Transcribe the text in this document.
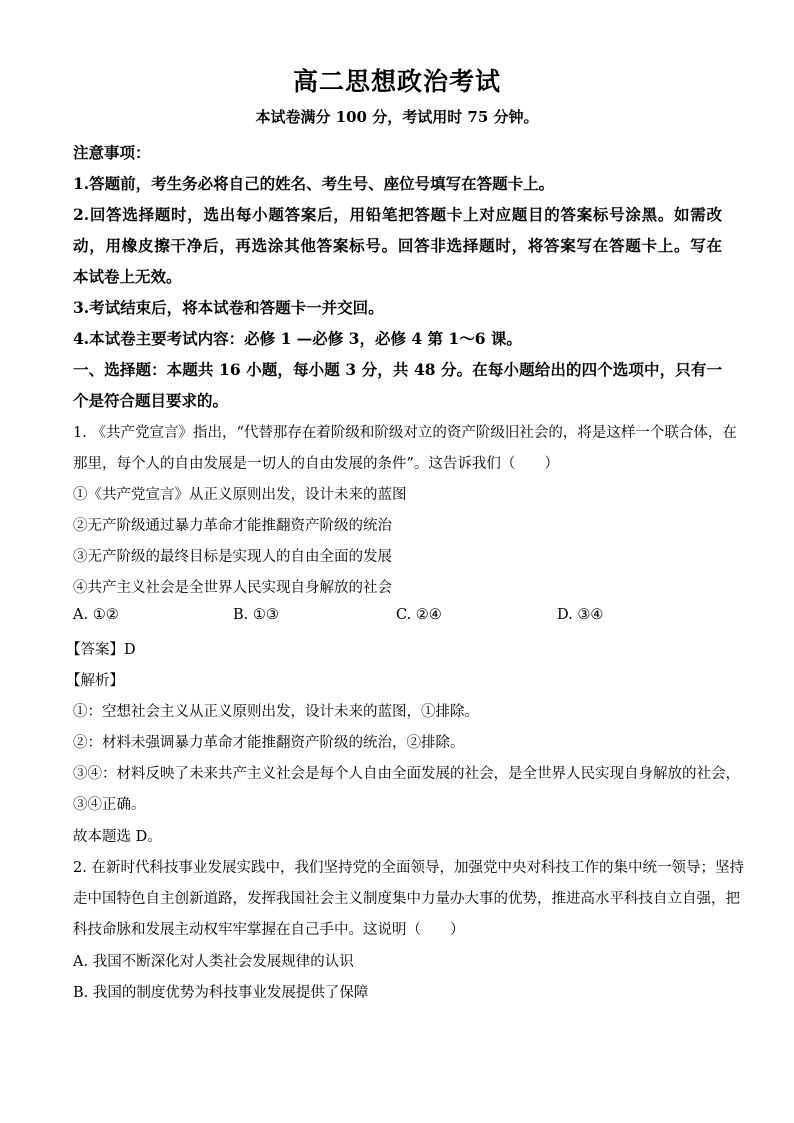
高二思想政治考试
本试卷满分 100 分，考试用时 75 分钟。
注意事项：
1.答题前，考生务必将自己的姓名、考生号、座位号填写在答题卡上。
2.回答选择题时，选出每小题答案后，用铅笔把答题卡上对应题目的答案标号涂黑。如需改
动，用橡皮擦干净后，再选涂其他答案标号。回答非选择题时，将答案写在答题卡上。写在
本试卷上无效。
3.考试结束后，将本试卷和答题卡一并交回。
4.本试卷主要考试内容：必修 1 —必修 3，必修 4 第 1～6 课。
一、选择题：本题共 16 小题，每小题 3 分，共 48 分。在每小题给出的四个选项中，只有一
个是符合题目要求的。
1. 《共产党宣言》指出，“代替那存在着阶级和阶级对立的资产阶级旧社会的，将是这样一个联合体，在
那里，每个人的自由发展是一切人的自由发展的条件”。这告诉我们（　　）
①《共产党宣言》从正义原则出发，设计未来的蓝图
②无产阶级通过暴力革命才能推翻资产阶级的统治
③无产阶级的最终目标是实现人的自由全面的发展
④共产主义社会是全世界人民实现自身解放的社会
A. ①②	B. ①③	C. ②④	D. ③④
【答案】D
【解析】
①：空想社会主义从正义原则出发，设计未来的蓝图，①排除。
②：材料未强调暴力革命才能推翻资产阶级的统治，②排除。
③④：材料反映了未来共产主义社会是每个人自由全面发展的社会，是全世界人民实现自身解放的社会，
③④正确。
故本题选 D。
2. 在新时代科技事业发展实践中，我们坚持党的全面领导，加强党中央对科技工作的集中统一领导；坚持
走中国特色自主创新道路，发挥我国社会主义制度集中力量办大事的优势，推进高水平科技自立自强，把
科技命脉和发展主动权牢牢掌握在自己手中。这说明（　　）
A. 我国不断深化对人类社会发展规律的认识
B. 我国的制度优势为科技事业发展提供了保障
